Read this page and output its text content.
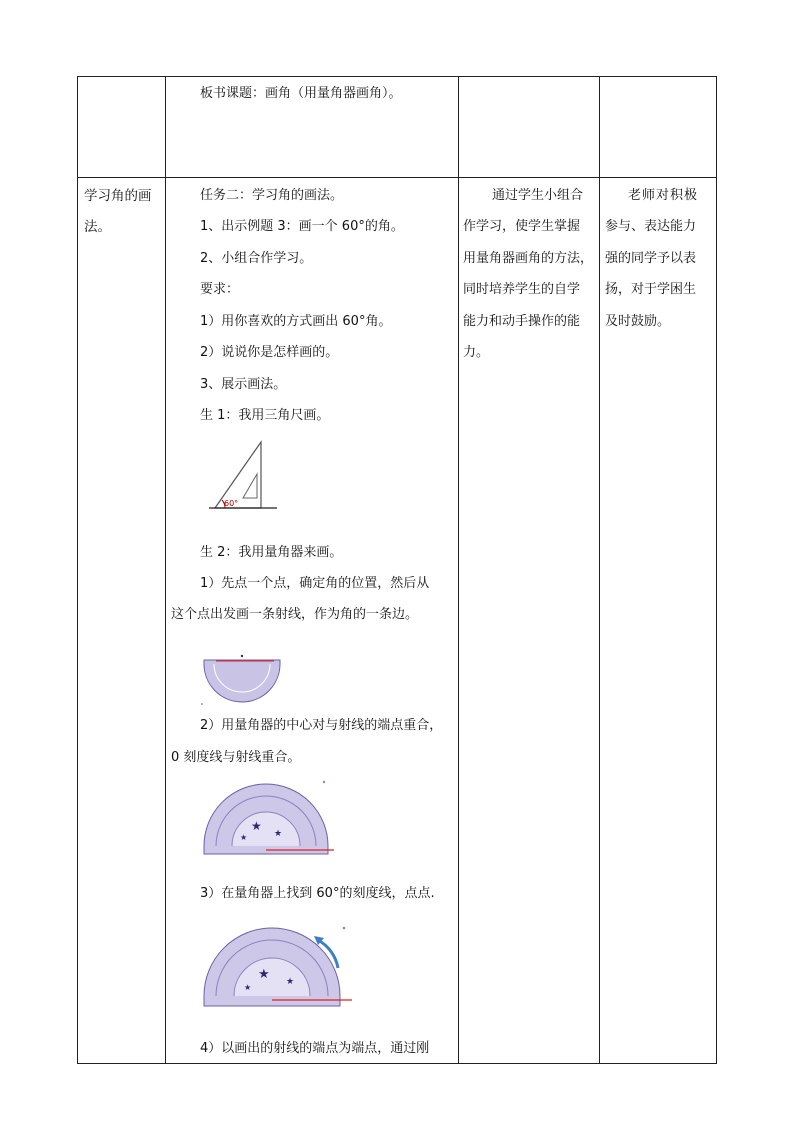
板书课题：画角（用量角器画角）。
学习角的画
法。
任务二：学习角的画法。
1、出示例题 3：画一个 60°的角。
2、小组合作学习。
要求：
1）用你喜欢的方式画出 60°角。
2）说说你是怎样画的。
3、展示画法。
生 1：我用三角尺画。
60°
生 2：我用量角器来画。
1）先点一个点，确定角的位置，然后从
这个点出发画一条射线，作为角的一条边。
2）用量角器的中心对与射线的端点重合，
0 刻度线与射线重合。
★
★
★
3）在量角器上找到 60°的刻度线，点点.
★ ★
★
4）以画出的射线的端点为端点，通过刚
通过学生小组合
作学习，使学生掌握
用量角器画角的方法，
同时培养学生的自学
能力和动手操作的能
力。
老师对积极
参与、表达能力
强的同学予以表
扬，对于学困生
及时鼓励。
